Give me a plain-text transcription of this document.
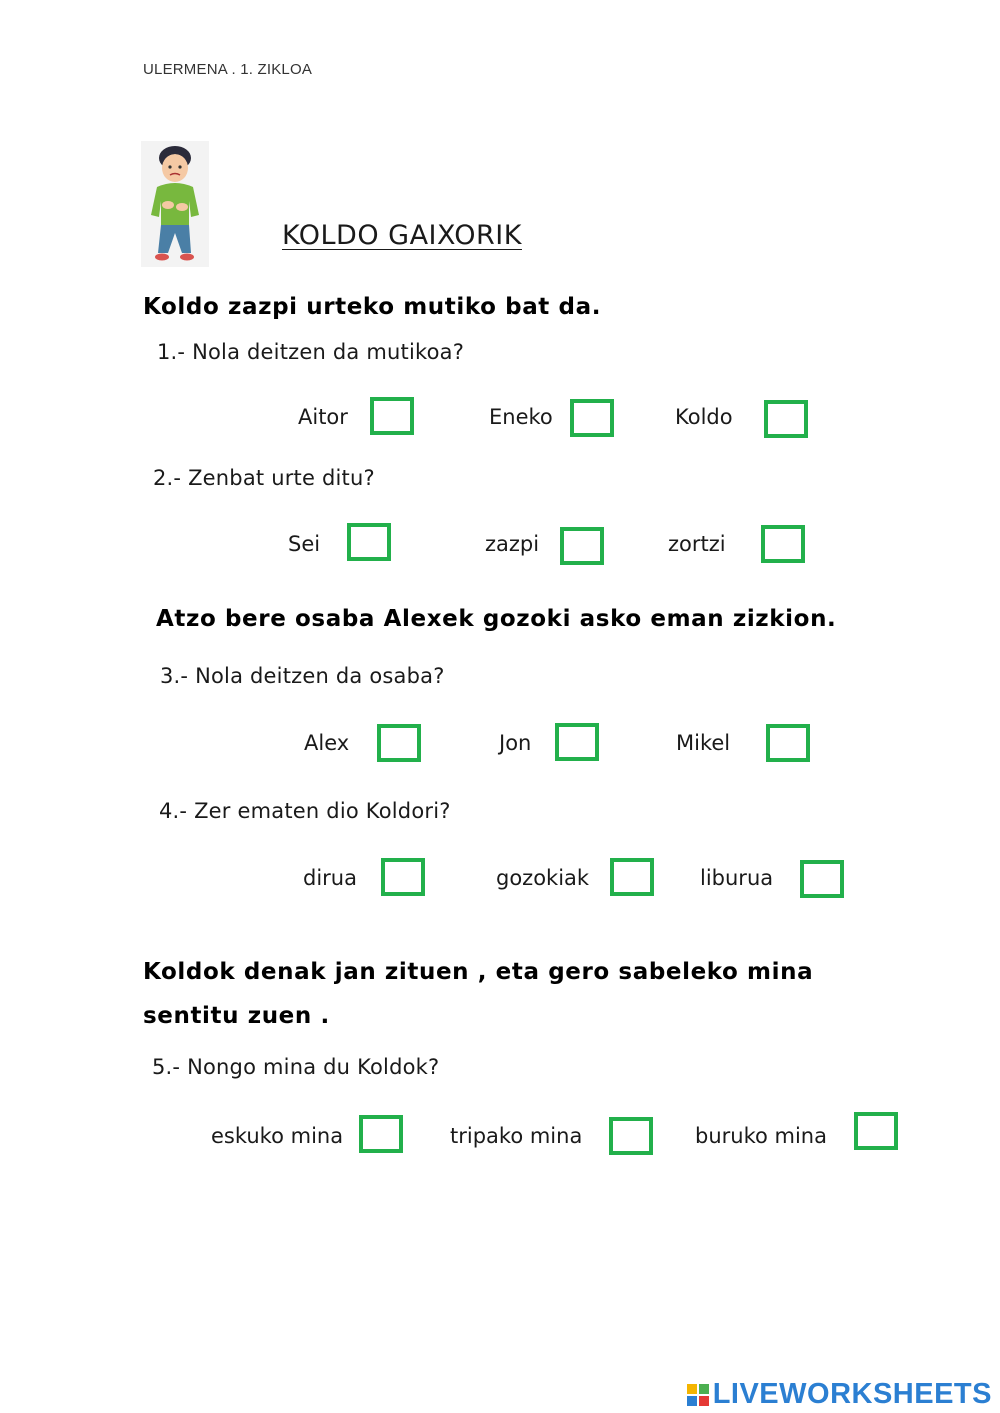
ULERMENA . 1. ZIKLOA
KOLDO GAIXORIK
Koldo zazpi urteko mutiko bat da.
1.- Nola deitzen da mutikoa?
Aitor	Eneko	Koldo
2.- Zenbat urte ditu?
Sei	zazpi	zortzi
Atzo bere osaba Alexek gozoki asko eman zizkion.
3.- Nola deitzen da osaba?
Alex	Jon	Mikel
4.- Zer ematen dio Koldori?
dirua	gozokiak	liburua
Koldok denak jan zituen , eta gero sabeleko mina
sentitu zuen .
5.- Nongo mina du Koldok?
eskuko mina	tripako mina	buruko mina
LIVEWORKSHEETS
